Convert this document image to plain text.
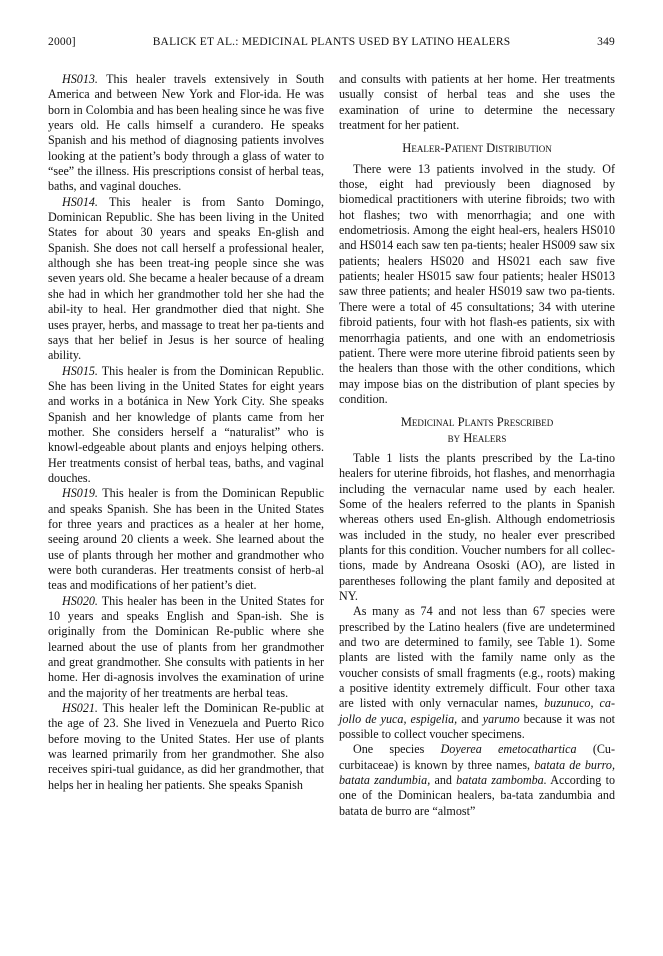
2000]	BALICK ET AL.: MEDICINAL PLANTS USED BY LATINO HEALERS	349

HS013. This healer travels extensively in South America and between New York and Flor-ida. He was born in Colombia and has been healing since he was five years old. He calls himself a curandero. He speaks Spanish and his method of diagnosing patients involves looking at the patient’s body through a glass of water to “see” the illness. His prescriptions consist of herbal teas, baths, and vaginal douches.

HS014. This healer is from Santo Domingo, Dominican Republic. She has been living in the United States for about 30 years and speaks En-glish and Spanish. She does not call herself a professional healer, although she has been treat-ing people since she was seven years old. She became a healer because of a dream she had in which her grandmother told her she had the abil-ity to heal. Her grandmother died that night. She uses prayer, herbs, and massage to treat her pa-tients and says that her belief in Jesus is her source of healing ability.

HS015. This healer is from the Dominican Republic. She has been living in the United States for eight years and works in a botánica in New York City. She speaks Spanish and her knowledge of plants came from her mother. She considers herself a “naturalist” who is knowl-edgeable about plants and enjoys helping others. Her treatments consist of herbal teas, baths, and vaginal douches.

HS019. This healer is from the Dominican Republic and speaks Spanish. She has been in the United States for three years and practices as a healer at her home, seeing around 20 clients a week. She learned about the use of plants through her mother and grandmother who were both curanderas. Her treatments consist of herb-al teas and modifications of her patient’s diet.

HS020. This healer has been in the United States for 10 years and speaks English and Span-ish. She is originally from the Dominican Re-public where she learned about the use of plants from her grandmother and great grandmother. She consults with patients in her home. Her di-agnosis involves the examination of urine and the majority of her treatments are herbal teas.

HS021. This healer left the Dominican Re-public at the age of 23. She lived in Venezuela and Puerto Rico before moving to the United States. Her use of plants was learned primarily from her grandmother. She also receives spiri-tual guidance, as did her grandmother, that helps her in healing her patients. She speaks Spanish

and consults with patients at her home. Her treatments usually consist of herbal teas and she uses the examination of urine to determine the necessary treatment for her patient.

Healer-Patient Distribution

There were 13 patients involved in the study. Of those, eight had previously been diagnosed by biomedical practitioners with uterine fibroids; two with hot flashes; two with menorrhagia; and one with endometriosis. Among the eight heal-ers, healers HS010 and HS014 each saw ten pa-tients; healer HS009 saw six patients; healers HS020 and HS021 each saw five patients; healer HS015 saw four patients; healer HS013 saw three patients; and healer HS019 saw two pa-tients. There were a total of 45 consultations; 34 with uterine fibroid patients, four with hot flash-es patients, six with menorrhagia patients, and one with an endometriosis patient. There were more uterine fibroid patients seen by the healers than those with the other conditions, which may impose bias on the distribution of plant species by condition.

Medicinal Plants Prescribed
by Healers

Table 1 lists the plants prescribed by the La-tino healers for uterine fibroids, hot flashes, and menorrhagia including the vernacular name used by each healer. Some of the healers referred to the plants in Spanish whereas others used En-glish. Although endometriosis was included in the study, no healer ever prescribed plants for this condition. Voucher numbers for all collec-tions, made by Andreana Ososki (AO), are listed in parentheses following the plant family and deposited at NY.

As many as 74 and not less than 67 species were prescribed by the Latino healers (five are undetermined and two are determined to family, see Table 1). Some plants are listed with the family name only as the voucher consists of small fragments (e.g., roots) making a positive identity extremely difficult. Four other taxa are listed with only vernacular names, buzunuco, ca-jollo de yuca, espigelia, and yarumo because it was not possible to collect voucher specimens.

One species Doyerea emetocathartica (Cu-curbitaceae) is known by three names, batata de burro, batata zandumbia, and batata zambomba. According to one of the Dominican healers, ba-tata zandumbia and batata de burro are “almost”
